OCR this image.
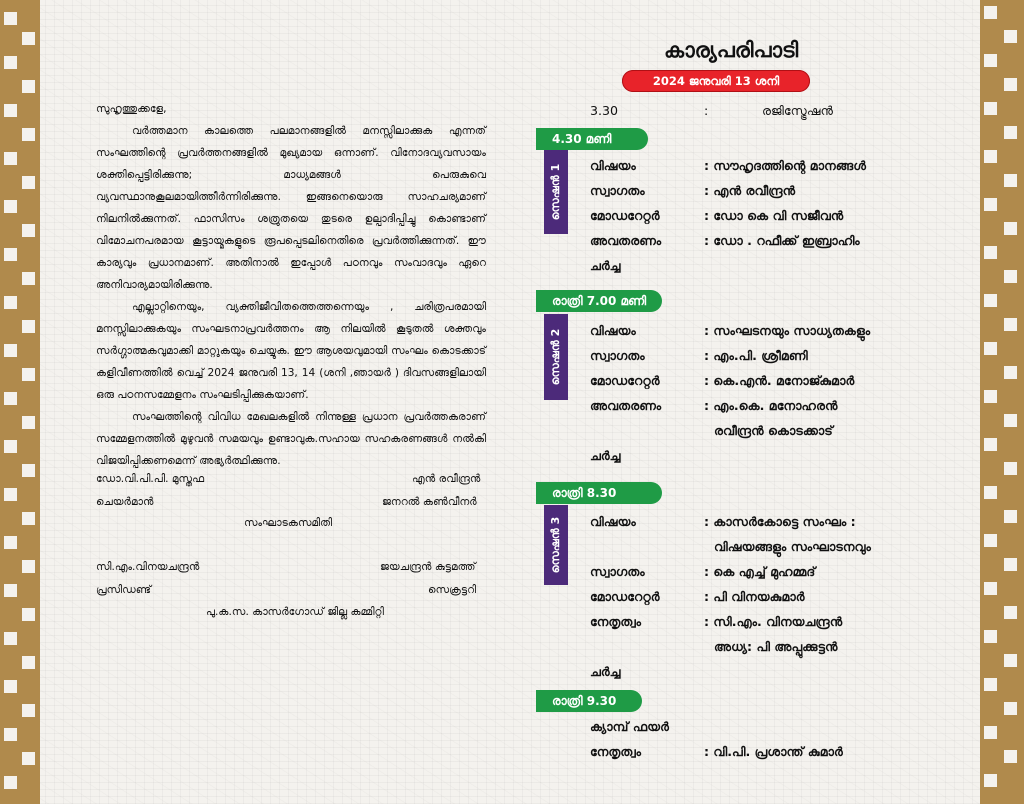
സുഹൃത്തുക്കളേ,

വർത്തമാന കാലത്തെ പലമാനങ്ങളിൽ മനസ്സിലാക്കുക എന്നത് സംഘത്തിന്റെ പ്രവർത്തനങ്ങളിൽ മുഖ്യമായ ഒന്നാണ്. വിനോദവ്യവസായം ശക്തിപ്പെട്ടിരിക്കുന്നു; മാധ്യമങ്ങൾ പെരുകുവെ വ്യവസ്ഥാനുകൂലമായിത്തീർന്നിരിക്കുന്നു. ഇങ്ങനെയൊരു സാഹചര്യമാണ് നിലനിൽക്കുന്നത്. ഫാസിസം ശത്രുതയെ തുടരെ ഉല്പാദിപ്പിച്ചു കൊണ്ടാണ് വിമോചനപരമായ കൂട്ടായ്മകളുടെ രൂപപ്പെടലിനെതിരെ പ്രവർത്തിക്കുന്നത്. ഈ കാര്യവും പ്രധാനമാണ്. അതിനാൽ ഇപ്പോൾ പഠനവും സംവാദവും ഏറെ അനിവാര്യമായിരിക്കുന്നു.

എല്ലാറ്റിനെയും, വ്യക്തിജീവിതത്തെത്തന്നെയും , ചരിത്രപരമായി മനസ്സിലാക്കുകയും സംഘടനാപ്രവർത്തനം ആ നിലയിൽ കൂടുതൽ ശക്തവും സർഗ്ഗാത്മകവുമാക്കി മാറ്റുകയും ചെയ്യുക. ഈ ആശയവുമായി സംഘം കൊടക്കാട് കളിവീണത്തിൽ വെച്ച് 2024 ജനുവരി 13, 14 (ശനി ,ഞായർ ) ദിവസങ്ങളിലായി ഒരു പഠനസമ്മേളനം സംഘടിപ്പിക്കുകയാണ്.

സംഘത്തിന്റെ വിവിധ മേഖലകളിൽ നിന്നുള്ള പ്രധാന പ്രവർത്തകരാണ് സമ്മേളനത്തിൽ മുഴുവൻ സമയവും ഉണ്ടാവുക.സഹായ സഹകരണങ്ങൾ നൽകി വിജയിപ്പിക്കണമെന്ന് അഭ്യർത്ഥിക്കുന്നു.

ഡോ.വി.പി.പി. മുസ്തഫ
ചെയർമാൻ
എൻ രവീന്ദ്രൻ
ജനറൽ കൺവീനർ
സംഘാടകസമിതി
സി.എം.വിനയചന്ദ്രൻ
പ്രസിഡണ്ട്
ജയചന്ദ്രൻ കുട്ടമത്ത്
സെക്രട്ടറി
പു.ക.സ. കാസർഗോഡ് ജില്ല കമ്മിറ്റി
കാര്യപരിപാടി
2024 ജനുവരി 13 ശനി
3.30	:	രജിസ്ട്രേഷൻ
4.30 മണി
സെഷൻ 1 വിഷയം	: സൗഹൃദത്തിന്റെ മാനങ്ങൾ
സ്വാഗതം	: എൻ രവീന്ദ്രൻ
മോഡറേറ്റർ	: ഡോ കെ വി സജീവൻ
അവതരണം	: ഡോ . റഫീക്ക് ഇബ്രാഹിം
ചർച്ച
രാത്രി 7.00 മണി
സെഷൻ 2 വിഷയം	: സംഘടനയും സാധ്യതകളും
സ്വാഗതം	: എം.പി. ശ്രീമണി
മോഡറേറ്റർ	: കെ.എൻ. മനോജ്കുമാർ
അവതരണം	: എം.കെ. മനോഹരൻ
രവീന്ദ്രൻ കൊടക്കാട്
ചർച്ച
രാത്രി 8.30
സെഷൻ 3 വിഷയം	: കാസർകോട്ടെ സംഘം :
വിഷയങ്ങളും സംഘാടനവും
സ്വാഗതം	: കെ എച്ച് മുഹമ്മദ്
മോഡറേറ്റർ	: പി വിനയകുമാർ
നേതൃത്വം	: സി.എം. വിനയചന്ദ്രൻ
അധ്യ: പി അപ്പുക്കുട്ടൻ
ചർച്ച
രാത്രി 9.30
ക്യാമ്പ് ഫയർ
നേതൃത്വം	: വി.പി. പ്രശാന്ത് കുമാർ
